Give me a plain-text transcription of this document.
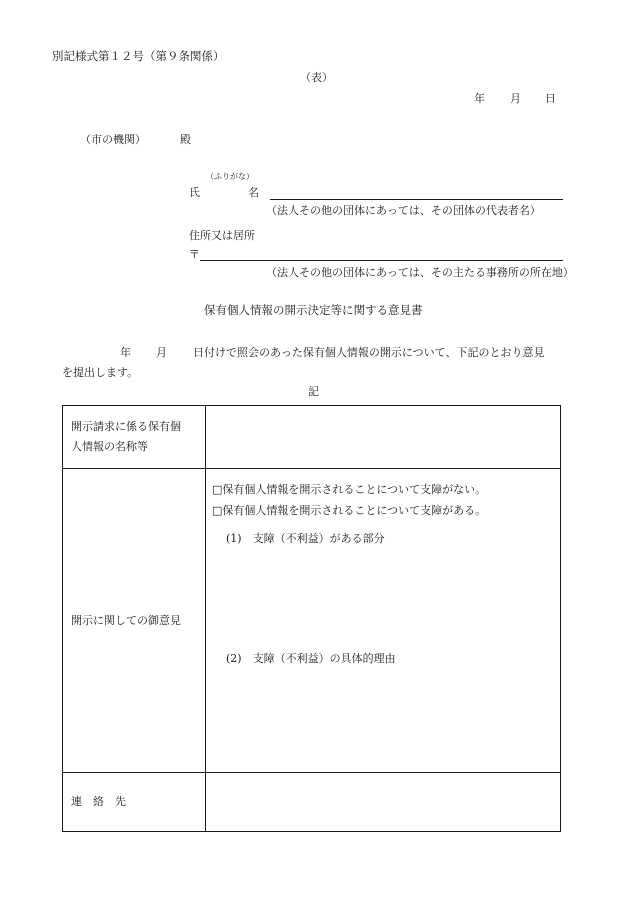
別記様式第１２号（第９条関係）
（表）
年 月 日
（市の機関）	殿
（ふりがな）
氏	名
（法人その他の団体にあっては、その団体の代表者名）
住所又は居所
〒
（法人その他の団体にあっては、その主たる事務所の所在地）
保有個人情報の開示決定等に関する意見書
年 月 日付けで照会のあった保有個人情報の開示について、下記のとおり意見
を提出します。
記
開示請求に係る保有個
人情報の名称等	

開示に関しての御意見	□保有個人情報を開示されることについて支障がない。
□保有個人情報を開示されることについて支障がある。
(1)　支障（不利益）がある部分
(2)　支障（不利益）の具体的理由

連　絡　先	
